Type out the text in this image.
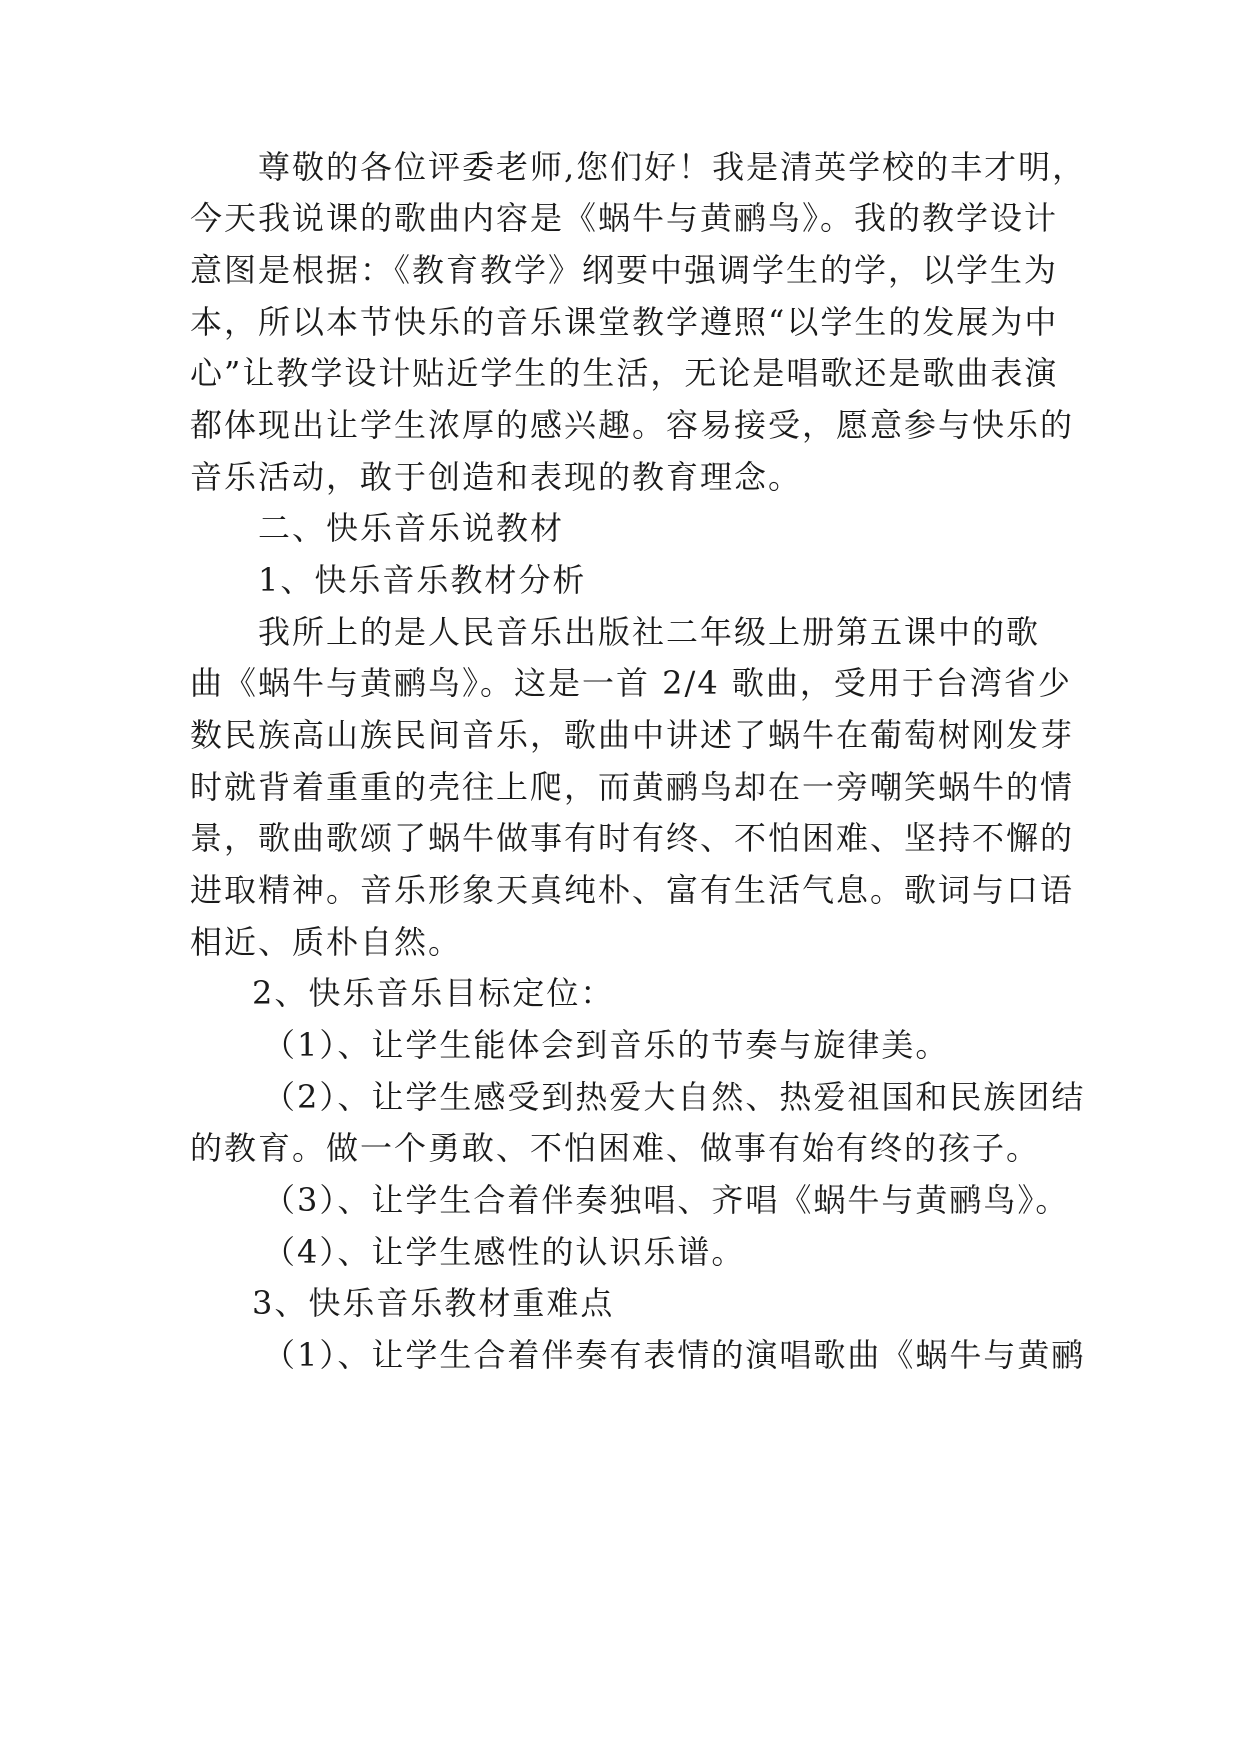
尊敬的各位评委老师,您们好！我是清英学校的丰才明，
今天我说课的歌曲内容是《蜗牛与黄鹂鸟》。我的教学设计
意图是根据：《教育教学》纲要中强调学生的学，以学生为
本，所以本节快乐的音乐课堂教学遵照“以学生的发展为中
心”让教学设计贴近学生的生活，无论是唱歌还是歌曲表演
都体现出让学生浓厚的感兴趣。容易接受，愿意参与快乐的
音乐活动，敢于创造和表现的教育理念。
二、快乐音乐说教材
1、快乐音乐教材分析
我所上的是人民音乐出版社二年级上册第五课中的歌
曲《蜗牛与黄鹂鸟》。这是一首 2/4 歌曲，受用于台湾省少
数民族高山族民间音乐，歌曲中讲述了蜗牛在葡萄树刚发芽
时就背着重重的壳往上爬，而黄鹂鸟却在一旁嘲笑蜗牛的情
景，歌曲歌颂了蜗牛做事有时有终、不怕困难、坚持不懈的
进取精神。音乐形象天真纯朴、富有生活气息。歌词与口语
相近、质朴自然。
2、快乐音乐目标定位：
（1）、让学生能体会到音乐的节奏与旋律美。
（2）、让学生感受到热爱大自然、热爱祖国和民族团结
的教育。做一个勇敢、不怕困难、做事有始有终的孩子。
（3）、让学生合着伴奏独唱、齐唱《蜗牛与黄鹂鸟》。
（4）、让学生感性的认识乐谱。
3、快乐音乐教材重难点
（1）、让学生合着伴奏有表情的演唱歌曲《蜗牛与黄鹂
